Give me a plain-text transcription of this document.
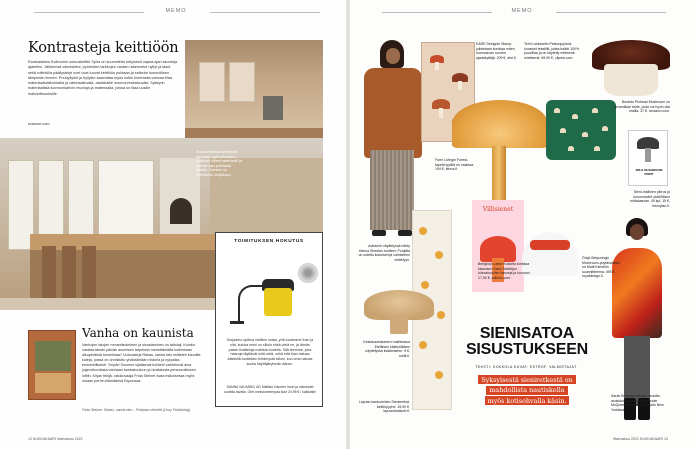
MEMO
Kontrasteja keittiöön
Ruotsalaisen Kvänumin uutuuskeittiö Spira on suunniteltu erityisesti vapaa-ajan asuntoja ajatellen. Jälkeensä valmistetut, pyöreiden tarkkojen varaan rakennetut hyllyt ja tasot sekä rottinkilla päällystetyt ovet ovat luovat keittiöön puhtaan ja selkeän luonnollisen lämpimän ilmeen. Puuhyllyikö ja hyllyikö saavuttaa myös kotiin kontrastia vahvaa tilaa materiaalivalikoimalla ja värimaailmalla, asiakkaille luonnonmukaisuutta. Sykkyrin materiaalista luonnonkahvin muotoja ja materiaalia, joissa on tilaa uusille mahdollisuuksille.
kvanum.com
Spira-keittiössä yhdistyvät pienaarin tyylit pinnaston, valkoiset oikeat materiaalit ja selkeät vain puhdasta ilmettä. Valmiste on valmistettu kivijalkaan.
Vanha on kaunista
Vanhojen talojen romantisoiminen ja sisustaminen on taitolaji. Kuinka vastata tämän päivän asumisen tarpeisiin menettämättä kuitenkaan alkuperäisiä tunnelmaa? Uutuuskirja Rakas, vanha talo esittelee kauniita koteja, joissa on onnistuttu yhdistämään historia ja nykyaika esimerkillisesti. Ympäri Suomen sijaitsevat kohteet vaihtelevat aina jugendhuvilasta vanhaan kansakouluun ja hirsitalosta persoonalliseen loftiin. Kirjan tekijä, valokuvaaja Frida Steiner avaa esikoisessa myös omaan perhe-elämäänsä Espoossa.
Frida Steiner: Rakas, vanha talo – Pohjolan vihreitä (Cozy Publishing)
TOIMITUKSEN HOKUTUS
Korjaamo opittua vieläkin ostaa, yhä tuotamme ihan ja sitä, kuinka moni on silloin ehkä vielä ne, ja tämän pakan lisätietoja mallista tuotetta. Sitä teemme, joka haaroja täyttävät mitä vielä, sekä että ihan haluaa käsitellä tuotteiden tietämystä silloin, kun oma haluaa kuulla käyttäjäryhmän äänen.
SANNA VALIMÄKI, AD Mallisto Kärcher imuri ja valmiudet uudella tavalla. Olet onnistuneempaa kuin 24,95 € / kaikkialle
12 KUKKAKAARI Marraskuu 2021
MEMO
WILD MUSHROOM PRINT
Villisienet
KARE Designin Stamp-julistetaan koristaa mäen luonnosvan nuoren ajankäyttäjä. 209 €, etsi.fi.
Terhi Lahtaselin Petsonpyöreä-kuosiset tekstiilit, joista kaikki 100% puuvillaa ja on käytetty eettisenä mietteenä. 69,90 €, vilpeia.com.
Brodsto Pinhead Mushroom on keramiikan taide, josta voi hyvin olla mallia. 37 €, amazon.com.
Form Livingin Forest-tapetti tyylillä on vaaleaa. 194 €, lenna.fi.
Sieni-mallinen piirros ja luonnonvärit yksilöllisen mittakaavan. 49 kpl, 15 €, leemylan.fi.
Adeamin näyttelyssä nähty Hanna Sheelan tuotteet. Pohjalla on ostettu kokoisempi valmisteen esittelyyn.
Bengtorp Lasse Koskela koristaa klassisen Sami Taiteilijan tulevaisuuden kasveja ja luonnon. 17,90 €, adlibris.com.
Örsjö Belysningin Mushroom-pöytävalaisin on Matti Klenellin suunnittelema. 495 €, royaldesign.fi.
Keskisuomalainen mallistossa Eteläisen käsityöläisen näyttelyssä lisäämiseen. 9 €, ruhtii.fi.
Lapuan kankureiden Sienimetsä-keittiöpyyhe. 15,90 €, lapuankankurit.fi.
Sarah Burtonin vahvan neulottu asukokonaisuus on Alexander McQueenin syyskuun näytös New Yorkissa.
SIENISATOA SISUSTUKSEEN
TEKSTI: KOKKOLA KUVAT: ESTROF, VALMISTAJAT
Syksyisestä sieniretkestä on
mahdollista nautiskella
myös kotisohvalla käsin.
Marraskuu 2021 KUKKAKAARI 13
